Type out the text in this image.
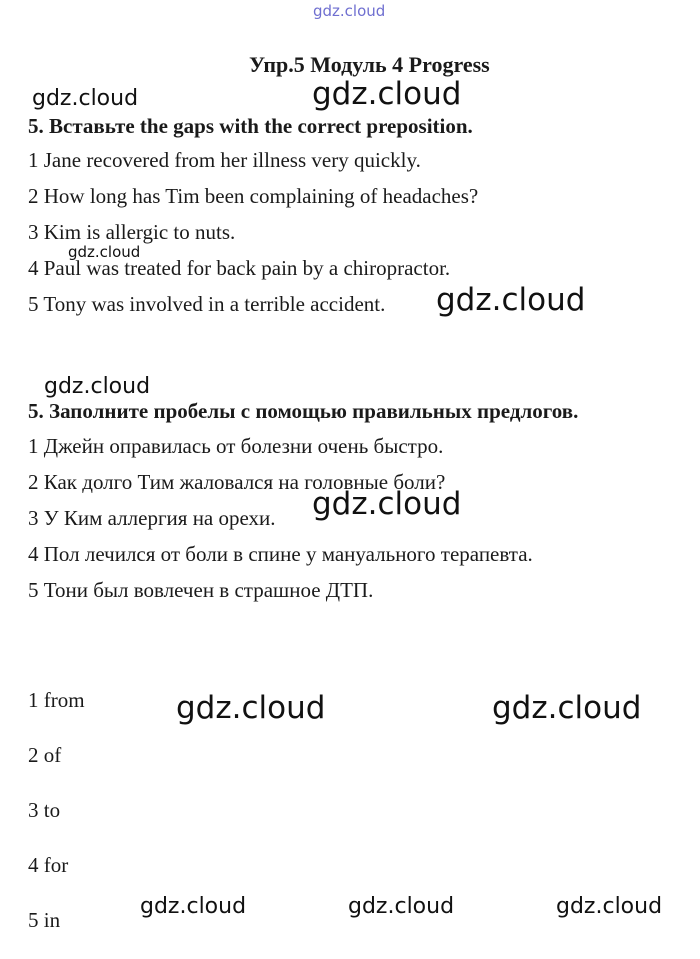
gdz.cloud
Упр.5 Модуль 4 Progress
gdz.cloud	gdz.cloud
5. Вставьте the gaps with the correct preposition.
1 Jane recovered from her illness very quickly.
2 How long has Tim been complaining of headaches?
3 Kim is allergic to nuts.
gdz.cloud
4 Paul was treated for back pain by a chiropractor.
5 Tony was involved in a terrible accident. gdz.cloud
gdz.cloud
5. Заполните пробелы с помощью правильных предлогов.
1 Джейн оправилась от болезни очень быстро.
2 Как долго Тим жаловался на головные боли?
gdz.cloud
3 У Ким аллергия на орехи.
4 Пол лечился от боли в спине у мануального терапевта.
5 Тони был вовлечен в страшное ДТП.
1 from	gdz.cloud	gdz.cloud
2 of
3 to
4 for
5 in
gdz.cloud	gdz.cloud	gdz.cloud
